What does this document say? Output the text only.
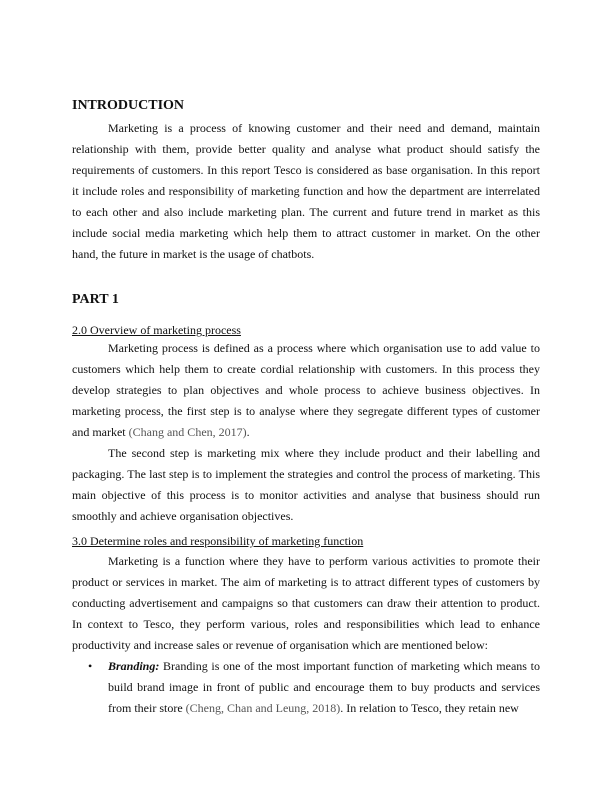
INTRODUCTION

Marketing is a process of knowing customer and their need and demand, maintain relationship with them, provide better quality and analyse what product should satisfy the requirements of customers. In this report Tesco is considered as base organisation. In this report it include roles and responsibility of marketing function and how the department are interrelated to each other and also include marketing plan. The current and future trend in market as this include social media marketing which help them to attract customer in market. On the other hand, the future in market is the usage of chatbots.

PART 1

2.0 Overview of marketing process

Marketing process is defined as a process where which organisation use to add value to customers which help them to create cordial relationship with customers. In this process they develop strategies to plan objectives and whole process to achieve business objectives. In marketing process, the first step is to analyse where they segregate different types of customer and market (Chang and Chen, 2017).

The second step is marketing mix where they include product and their labelling and packaging. The last step is to implement the strategies and control the process of marketing. This main objective of this process is to monitor activities and analyse that business should run smoothly and achieve organisation objectives.

3.0 Determine roles and responsibility of marketing function

Marketing is a function where they have to perform various activities to promote their product or services in market. The aim of marketing is to attract different types of customers by conducting advertisement and campaigns so that customers can draw their attention to product. In context to Tesco, they perform various, roles and responsibilities which lead to enhance productivity and increase sales or revenue of organisation which are mentioned below:

• Branding: Branding is one of the most important function of marketing which means to build brand image in front of public and encourage them to buy products and services from their store (Cheng, Chan and Leung, 2018). In relation to Tesco, they retain new
